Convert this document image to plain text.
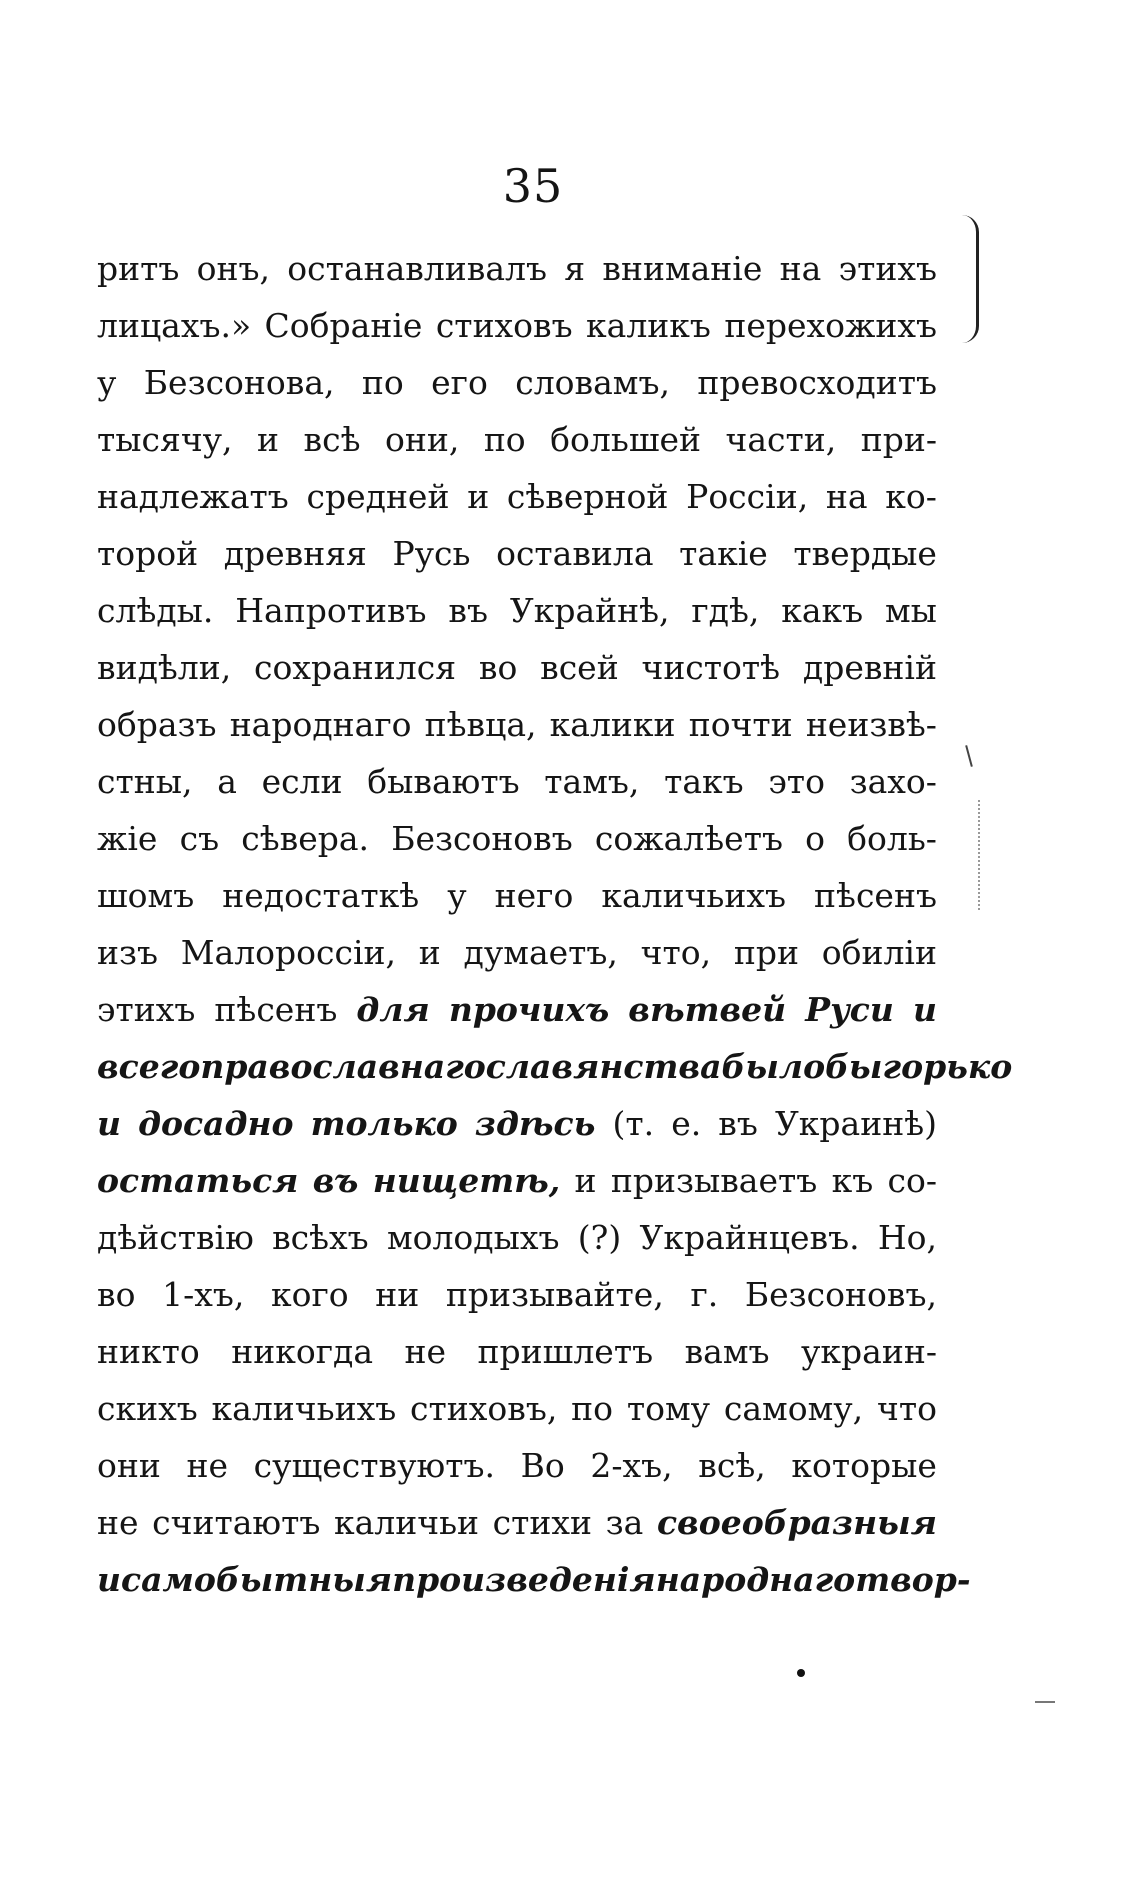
35
ритъ онъ, останавливалъ я вниманіе на этихъ
лицахъ.» Собраніе стиховъ каликъ перехожихъ
у Безсонова, по его словамъ, превосходитъ
тысячу, и всѣ они, по большей части, при-
надлежатъ средней и сѣверной Россіи, на ко-
торой древняя Русь оставила такіе твердые
слѣды. Напротивъ въ Украйнѣ, гдѣ, какъ мы
видѣли, сохранился во всей чистотѣ древній
образъ народнаго пѣвца, калики почти неизвѣ-
стны, а если бываютъ тамъ, такъ это захо-
жіе съ сѣвера. Безсоновъ сожалѣетъ о боль-
шомъ недостаткѣ у него каличьихъ пѣсенъ
изъ Малороссіи, и думаетъ, что, при обиліи
этихъ пѣсенъ для прочихъ вѣтвей Руси и
всего православнаго славянства было бы горько
и досадно только здѣсь (т. е. въ Украинѣ)
остаться въ нищетѣ, и призываетъ къ со-
дѣйствію всѣхъ молодыхъ (?) Украйнцевъ. Но,
во 1-хъ, кого ни призывайте, г. Безсоновъ,
никто никогда не пришлетъ вамъ украин-
скихъ каличьихъ стиховъ, по тому самому, что
они не существуютъ. Во 2-хъ, всѣ, которые
не считаютъ каличьи стихи за своеобразныя
и самобытныя произведенія народнаго твор-
